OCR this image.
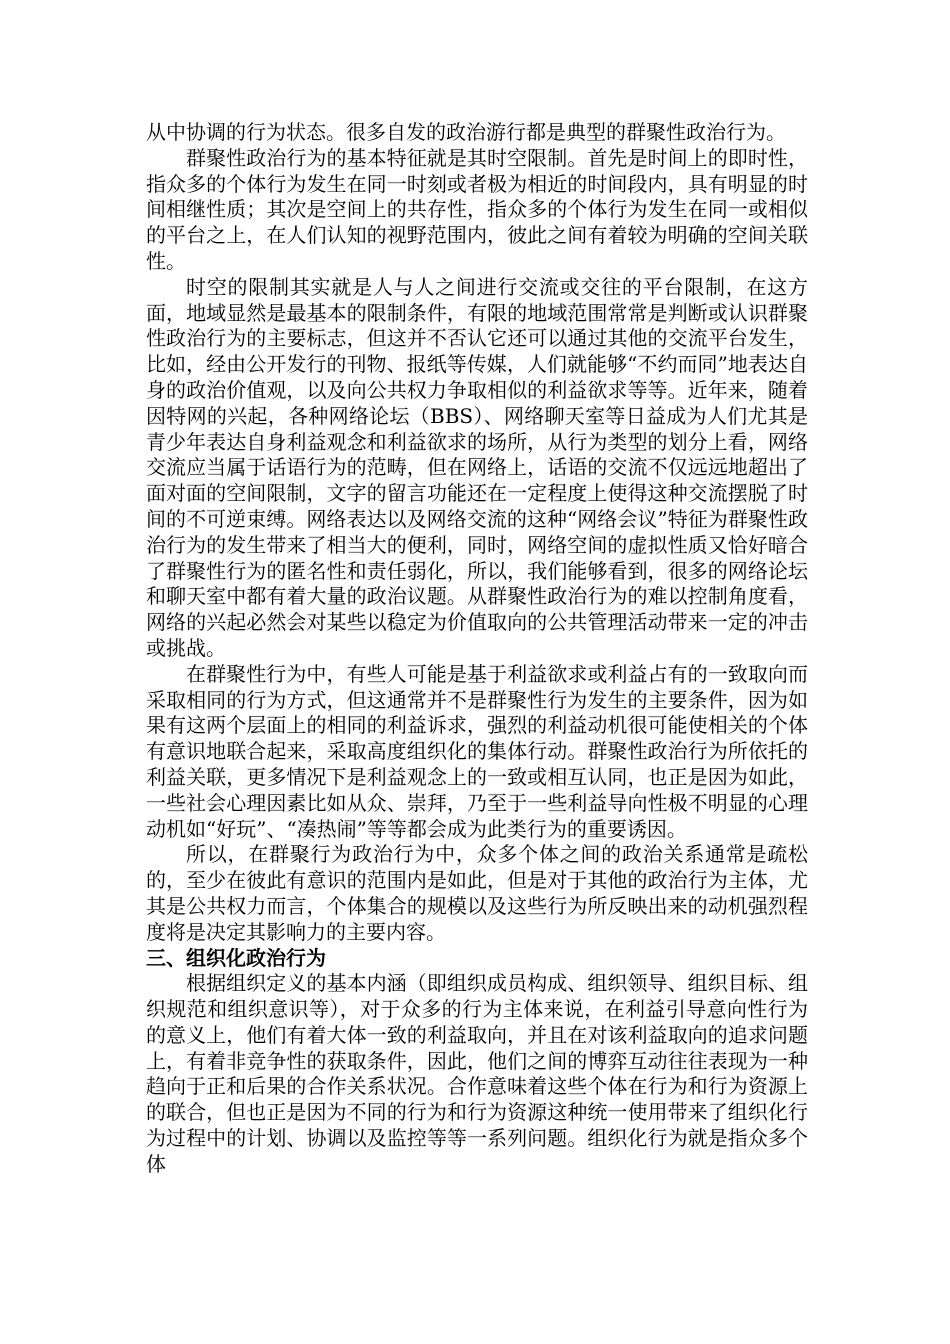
从中协调的行为状态。很多自发的政治游行都是典型的群聚性政治行为。

群聚性政治行为的基本特征就是其时空限制。首先是时间上的即时性，指众多的个体行为发生在同一时刻或者极为相近的时间段内，具有明显的时间相继性质；其次是空间上的共存性，指众多的个体行为发生在同一或相似的平台之上，在人们认知的视野范围内，彼此之间有着较为明确的空间关联性。

时空的限制其实就是人与人之间进行交流或交往的平台限制，在这方面，地域显然是最基本的限制条件，有限的地域范围常常是判断或认识群聚性政治行为的主要标志，但这并不否认它还可以通过其他的交流平台发生，比如，经由公开发行的刊物、报纸等传媒，人们就能够“不约而同”地表达自身的政治价值观，以及向公共权力争取相似的利益欲求等等。近年来，随着因特网的兴起，各种网络论坛（BBS）、网络聊天室等日益成为人们尤其是青少年表达自身利益观念和利益欲求的场所，从行为类型的划分上看，网络交流应当属于话语行为的范畴，但在网络上，话语的交流不仅远远地超出了面对面的空间限制，文字的留言功能还在一定程度上使得这种交流摆脱了时间的不可逆束缚。网络表达以及网络交流的这种“网络会议”特征为群聚性政治行为的发生带来了相当大的便利，同时，网络空间的虚拟性质又恰好暗合了群聚性行为的匿名性和责任弱化，所以，我们能够看到，很多的网络论坛和聊天室中都有着大量的政治议题。从群聚性政治行为的难以控制角度看，网络的兴起必然会对某些以稳定为价值取向的公共管理活动带来一定的冲击或挑战。

在群聚性行为中，有些人可能是基于利益欲求或利益占有的一致取向而采取相同的行为方式，但这通常并不是群聚性行为发生的主要条件，因为如果有这两个层面上的相同的利益诉求，强烈的利益动机很可能使相关的个体有意识地联合起来，采取高度组织化的集体行动。群聚性政治行为所依托的利益关联，更多情况下是利益观念上的一致或相互认同，也正是因为如此，一些社会心理因素比如从众、崇拜，乃至于一些利益导向性极不明显的心理动机如“好玩”、“凑热闹”等等都会成为此类行为的重要诱因。

所以，在群聚行为政治行为中，众多个体之间的政治关系通常是疏松的，至少在彼此有意识的范围内是如此，但是对于其他的政治行为主体，尤其是公共权力而言，个体集合的规模以及这些行为所反映出来的动机强烈程度将是决定其影响力的主要内容。

三、组织化政治行为

根据组织定义的基本内涵（即组织成员构成、组织领导、组织目标、组织规范和组织意识等），对于众多的行为主体来说，在利益引导意向性行为的意义上，他们有着大体一致的利益取向，并且在对该利益取向的追求问题上，有着非竞争性的获取条件，因此，他们之间的博弈互动往往表现为一种趋向于正和后果的合作关系状况。合作意味着这些个体在行为和行为资源上的联合，但也正是因为不同的行为和行为资源这种统一使用带来了组织化行为过程中的计划、协调以及监控等等一系列问题。组织化行为就是指众多个体
